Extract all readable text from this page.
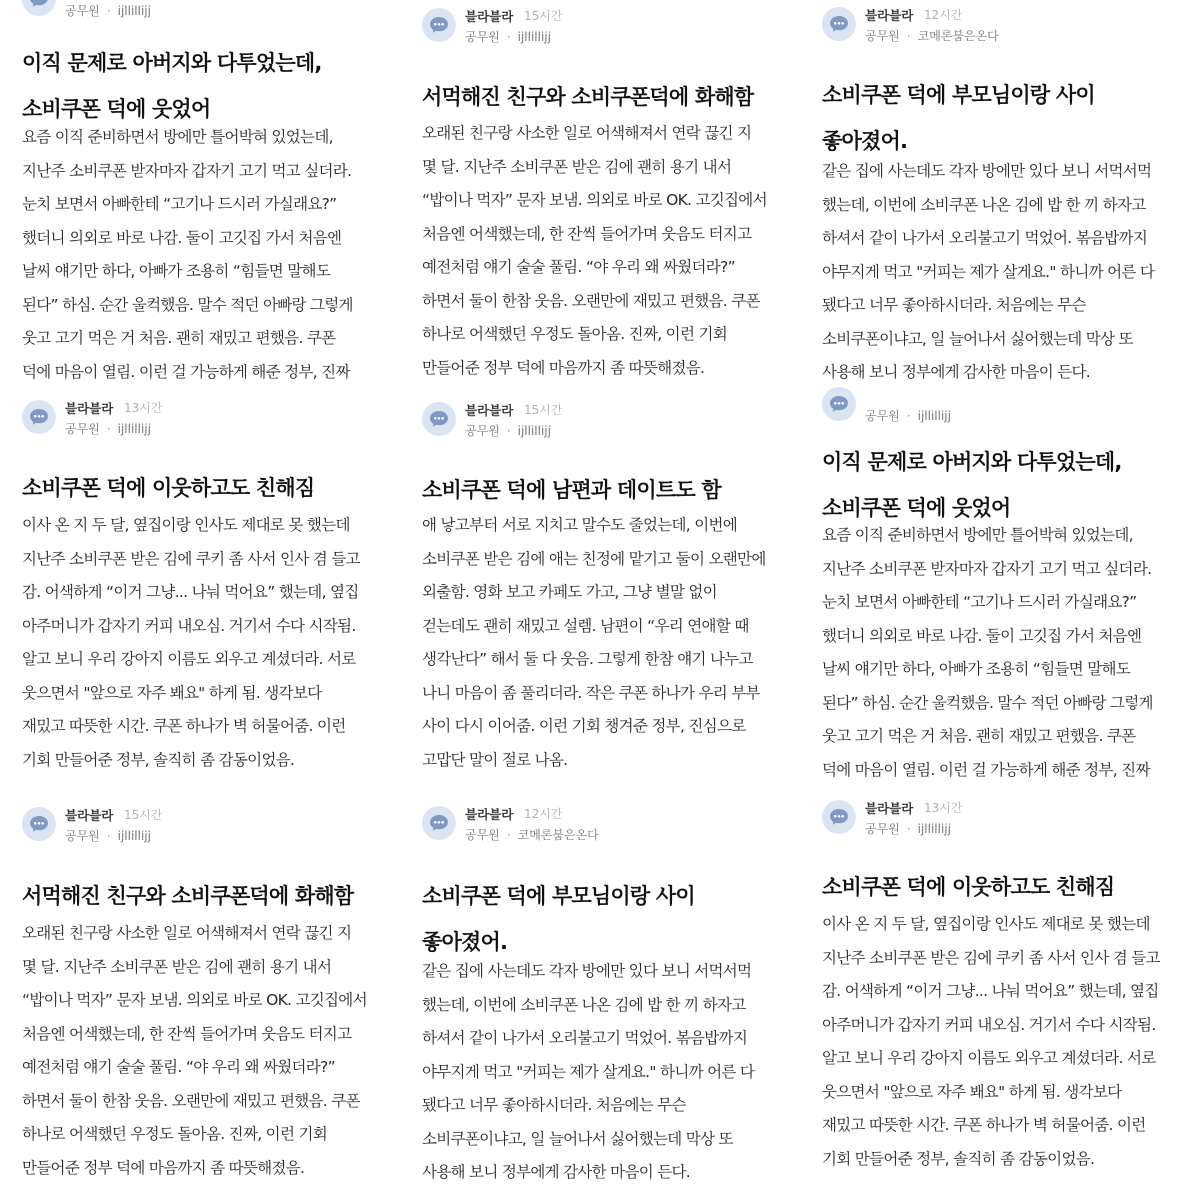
공무원 · ijllillijj
이직 문제로 아버지와 다투었는데,
소비쿠폰 덕에 웃었어
요즘 이직 준비하면서 방에만 틀어박혀 있었는데,
지난주 소비쿠폰 받자마자 갑자기 고기 먹고 싶더라.
눈치 보면서 아빠한테 “고기나 드시러 가실래요?”
했더니 의외로 바로 나감. 둘이 고깃집 가서 처음엔
날씨 얘기만 하다, 아빠가 조용히 “힘들면 말해도
된다” 하심. 순간 울컥했음. 말수 적던 아빠랑 그렇게
웃고 고기 먹은 거 처음. 괜히 재밌고 편했음. 쿠폰
덕에 마음이 열림. 이런 걸 가능하게 해준 정부, 진짜
블라블라 13시간
공무원 · ijllillijj
소비쿠폰 덕에 이웃하고도 친해짐
이사 온 지 두 달, 옆집이랑 인사도 제대로 못 했는데
지난주 소비쿠폰 받은 김에 쿠키 좀 사서 인사 겸 들고
감. 어색하게 “이거 그냥... 나눠 먹어요” 했는데, 옆집
아주머니가 갑자기 커피 내오심. 거기서 수다 시작됨.
알고 보니 우리 강아지 이름도 외우고 계셨더라. 서로
웃으면서 "앞으로 자주 봬요" 하게 됨. 생각보다
재밌고 따뜻한 시간. 쿠폰 하나가 벽 허물어줌. 이런
기회 만들어준 정부, 솔직히 좀 감동이었음.
블라블라 15시간
공무원 · ijllillijj
서먹해진 친구와 소비쿠폰덕에 화해함
오래된 친구랑 사소한 일로 어색해져서 연락 끊긴 지
몇 달. 지난주 소비쿠폰 받은 김에 괜히 용기 내서
“밥이나 먹자” 문자 보냄. 의외로 바로 OK. 고깃집에서
처음엔 어색했는데, 한 잔씩 들어가며 웃음도 터지고
예전처럼 얘기 술술 풀림. “야 우리 왜 싸웠더라?”
하면서 둘이 한참 웃음. 오랜만에 재밌고 편했음. 쿠폰
하나로 어색했던 우정도 돌아옴. 진짜, 이런 기회
만들어준 정부 덕에 마음까지 좀 따뜻해졌음.
블라블라 15시간
공무원 · ijllillijj
서먹해진 친구와 소비쿠폰덕에 화해함
오래된 친구랑 사소한 일로 어색해져서 연락 끊긴 지
몇 달. 지난주 소비쿠폰 받은 김에 괜히 용기 내서
“밥이나 먹자” 문자 보냄. 의외로 바로 OK. 고깃집에서
처음엔 어색했는데, 한 잔씩 들어가며 웃음도 터지고
예전처럼 얘기 술술 풀림. “야 우리 왜 싸웠더라?”
하면서 둘이 한참 웃음. 오랜만에 재밌고 편했음. 쿠폰
하나로 어색했던 우정도 돌아옴. 진짜, 이런 기회
만들어준 정부 덕에 마음까지 좀 따뜻해졌음.
블라블라 15시간
공무원 · ijllillijj
소비쿠폰 덕에 남편과 데이트도 함
애 낳고부터 서로 지치고 말수도 줄었는데, 이번에
소비쿠폰 받은 김에 애는 친정에 맡기고 둘이 오랜만에
외출함. 영화 보고 카페도 가고, 그냥 별말 없이
걷는데도 괜히 재밌고 설렘. 남편이 “우리 연애할 때
생각난다” 해서 둘 다 웃음. 그렇게 한참 얘기 나누고
나니 마음이 좀 풀리더라. 작은 쿠폰 하나가 우리 부부
사이 다시 이어줌. 이런 기회 챙겨준 정부, 진심으로
고맙단 말이 절로 나옴.
블라블라 12시간
공무원 · 코메론붐은온다
소비쿠폰 덕에 부모님이랑 사이
좋아졌어.
같은 집에 사는데도 각자 방에만 있다 보니 서먹서먹
했는데, 이번에 소비쿠폰 나온 김에 밥 한 끼 하자고
하셔서 같이 나가서 오리불고기 먹었어. 볶음밥까지
야무지게 먹고 "커피는 제가 살게요." 하니까 어른 다
됐다고 너무 좋아하시더라. 처음에는 무슨
소비쿠폰이냐고, 일 늘어나서 싫어했는데 막상 또
사용해 보니 정부에게 감사한 마음이 든다.
블라블라 12시간
공무원 · 코메론붐은온다
소비쿠폰 덕에 부모님이랑 사이
좋아졌어.
같은 집에 사는데도 각자 방에만 있다 보니 서먹서먹
했는데, 이번에 소비쿠폰 나온 김에 밥 한 끼 하자고
하셔서 같이 나가서 오리불고기 먹었어. 볶음밥까지
야무지게 먹고 "커피는 제가 살게요." 하니까 어른 다
됐다고 너무 좋아하시더라. 처음에는 무슨
소비쿠폰이냐고, 일 늘어나서 싫어했는데 막상 또
사용해 보니 정부에게 감사한 마음이 든다.
공무원 · ijllillijj
이직 문제로 아버지와 다투었는데,
소비쿠폰 덕에 웃었어
요즘 이직 준비하면서 방에만 틀어박혀 있었는데,
지난주 소비쿠폰 받자마자 갑자기 고기 먹고 싶더라.
눈치 보면서 아빠한테 “고기나 드시러 가실래요?”
했더니 의외로 바로 나감. 둘이 고깃집 가서 처음엔
날씨 얘기만 하다, 아빠가 조용히 “힘들면 말해도
된다” 하심. 순간 울컥했음. 말수 적던 아빠랑 그렇게
웃고 고기 먹은 거 처음. 괜히 재밌고 편했음. 쿠폰
덕에 마음이 열림. 이런 걸 가능하게 해준 정부, 진짜
블라블라 13시간
공무원 · ijllillijj
소비쿠폰 덕에 이웃하고도 친해짐
이사 온 지 두 달, 옆집이랑 인사도 제대로 못 했는데
지난주 소비쿠폰 받은 김에 쿠키 좀 사서 인사 겸 들고
감. 어색하게 “이거 그냥... 나눠 먹어요” 했는데, 옆집
아주머니가 갑자기 커피 내오심. 거기서 수다 시작됨.
알고 보니 우리 강아지 이름도 외우고 계셨더라. 서로
웃으면서 "앞으로 자주 봬요" 하게 됨. 생각보다
재밌고 따뜻한 시간. 쿠폰 하나가 벽 허물어줌. 이런
기회 만들어준 정부, 솔직히 좀 감동이었음.
